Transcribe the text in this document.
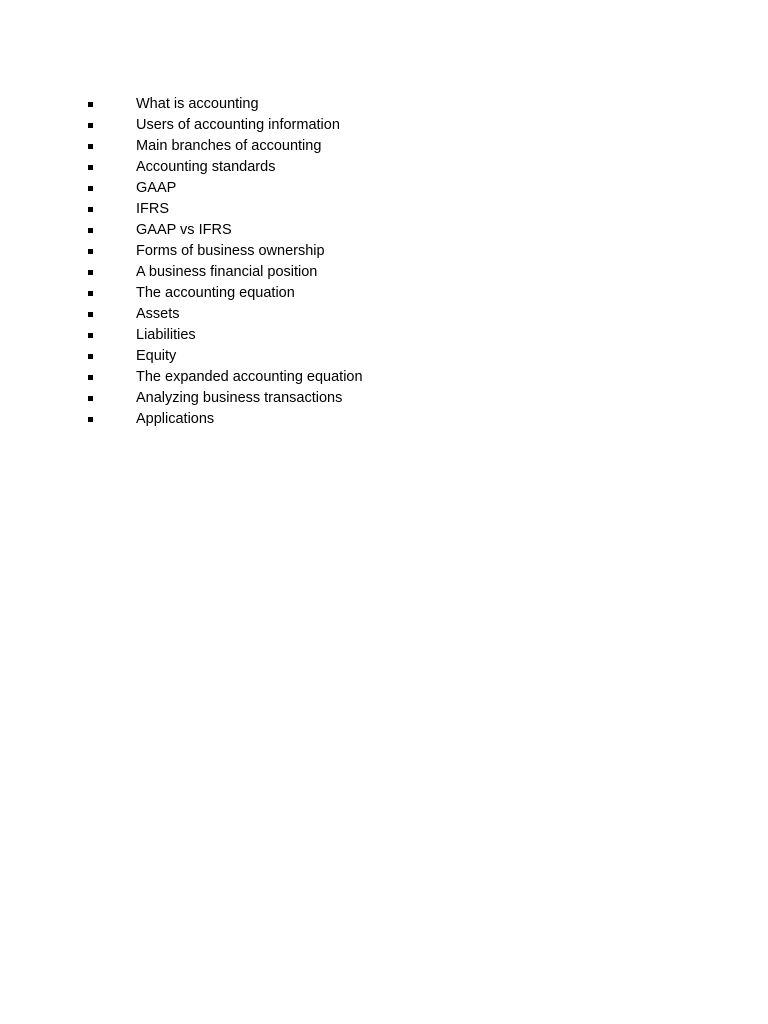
What is accounting
Users of accounting information
Main branches of accounting
Accounting standards
GAAP
IFRS
GAAP vs IFRS
Forms of business ownership
A business financial position
The accounting equation
Assets
Liabilities
Equity
The expanded accounting equation
Analyzing business transactions
Applications
